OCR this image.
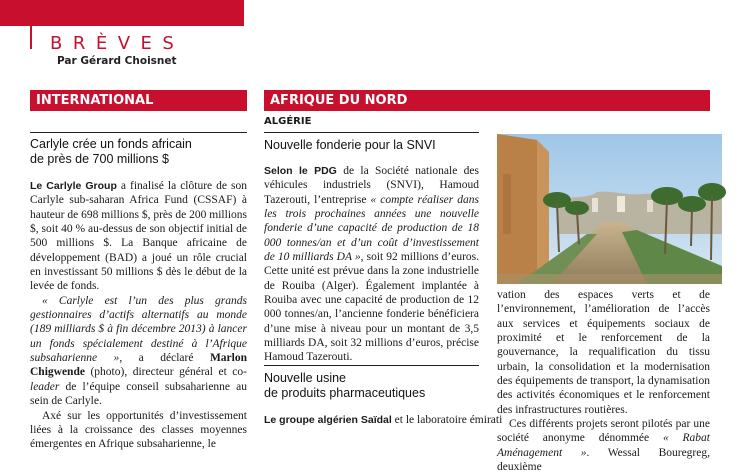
BRÈVES
Par Gérard Choisnet
INTERNATIONAL
Carlyle crée un fonds africain
de près de 700 millions $

Le Carlyle Group a finalisé la clôture de son Carlyle sub-saharan Africa Fund (CSSAF) à hauteur de 698 millions $, près de 200 millions $, soit 40 % au-dessus de son objectif initial de 500 millions $. La Banque africaine de développement (BAD) a joué un rôle crucial en investissant 50 millions $ dès le début de la levée de fonds.

« Carlyle est l’un des plus grands gestionnaires d’actifs alternatifs au monde (189 milliards $ à fin décembre 2013) à lancer un fonds spécialement destiné à l’Afrique subsaharienne », a déclaré Marlon Chigwende (photo), directeur général et co-leader de l’équipe conseil subsaharienne au sein de Carlyle.

Axé sur les opportunités d’investissement liées à la croissance des classes moyennes émergentes en Afrique subsaharienne, le

AFRIQUE DU NORD
ALGÉRIE
Nouvelle fonderie pour la SNVI

Selon le PDG de la Société nationale des véhicules industriels (SNVI), Hamoud Tazerouti, l’entreprise « compte réaliser dans les trois prochaines années une nouvelle fonderie d’une capacité de production de 18 000 tonnes/an et d’un coût d’investissement de 10 milliards DA », soit 92 millions d’euros. Cette unité est prévue dans la zone industrielle de Rouiba (Alger). Également implantée à Rouiba avec une capacité de production de 12 000 tonnes/an, l’ancienne fonderie bénéficiera d’une mise à niveau pour un montant de 3,5 milliards DA, soit 32 millions d’euros, précise Hamoud Tazerouti.

Nouvelle usine
de produits pharmaceutiques

Le groupe algérien Saïdal et le laboratoire émirati

vation des espaces verts et de l’environnement, l’amélioration de l’accès aux services et équipements sociaux de proximité et le renforcement de la gouvernance, la requalification du tissu urbain, la consolidation et la modernisation des équipements de transport, la dynamisation des activités économiques et le renforcement des infrastructures routières.

Ces différents projets seront pilotés par une société anonyme dénommée « Rabat Aménagement ». Wessal Bouregreg, deuxième
